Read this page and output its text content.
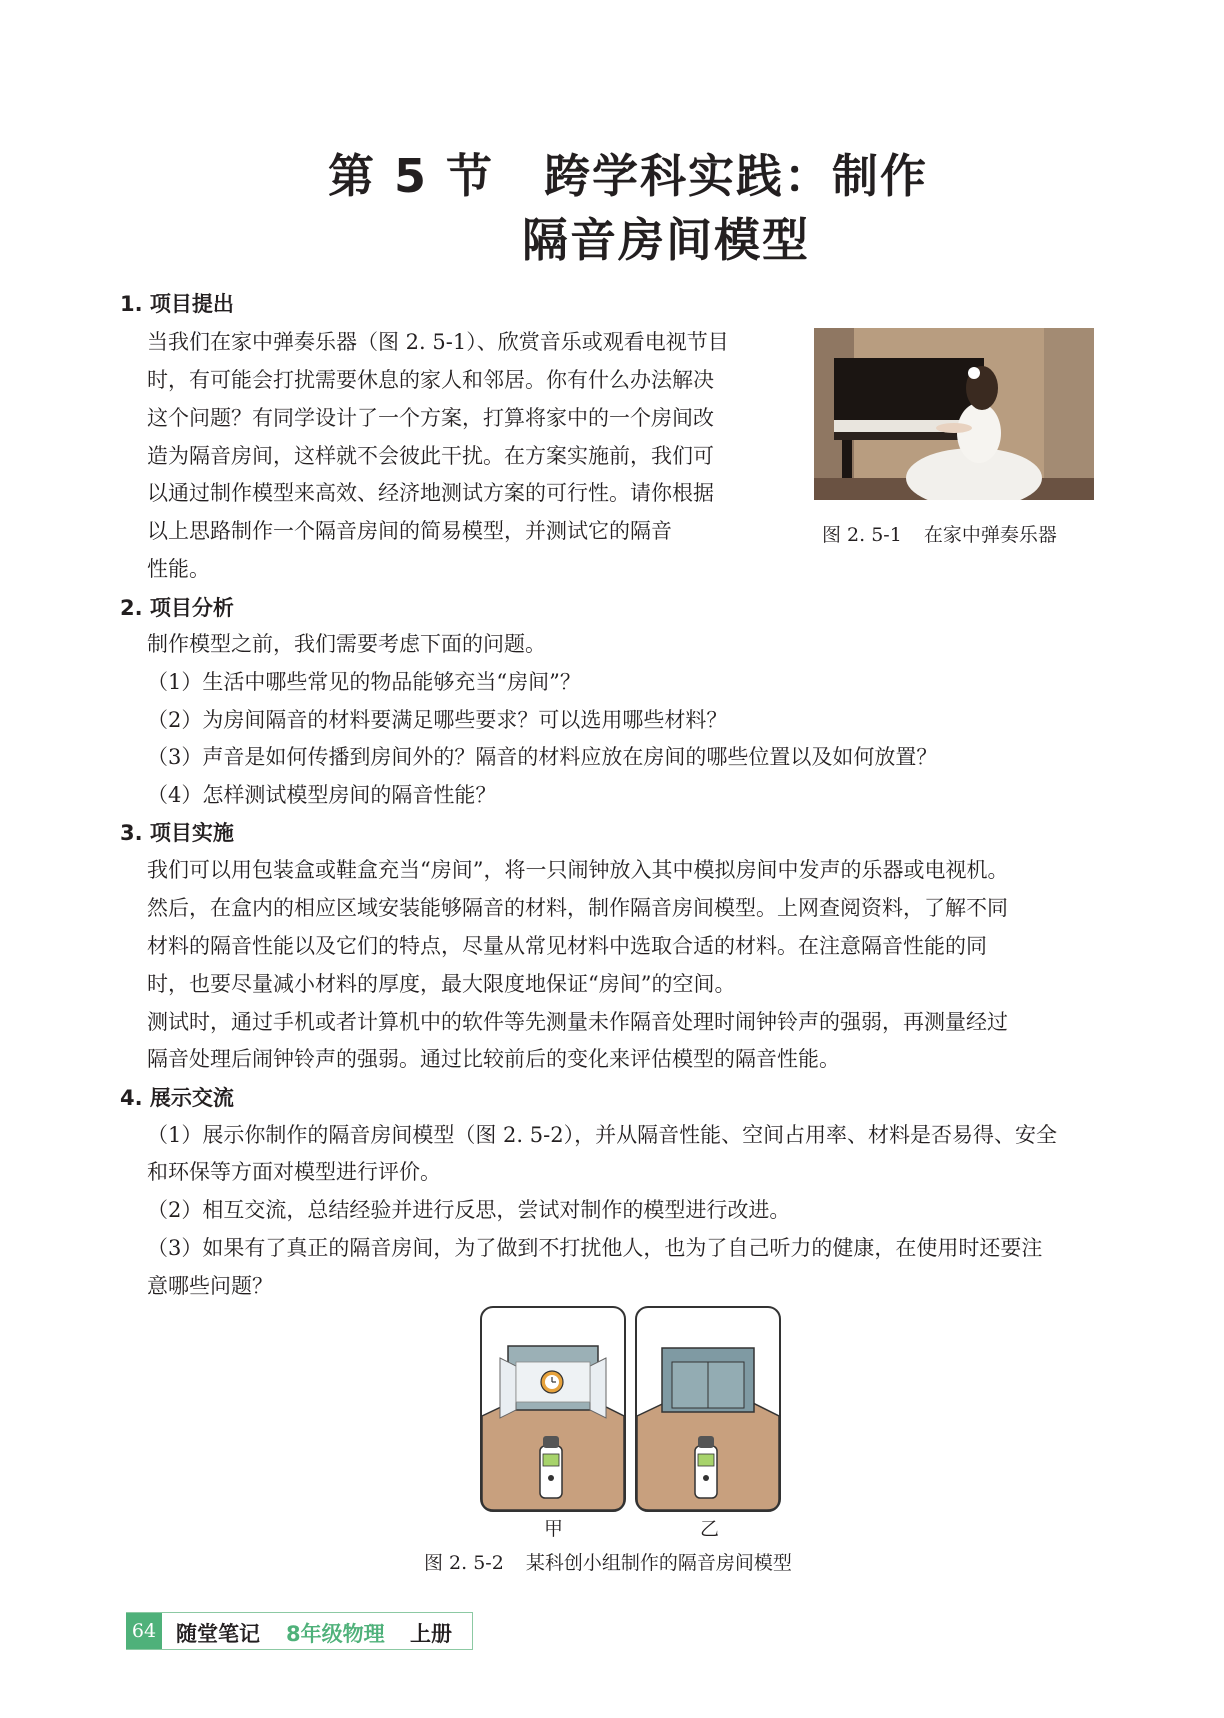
第 5 节 跨学科实践：制作
隔音房间模型
1. 项目提出
当我们在家中弹奏乐器（图 2. 5-1）、欣赏音乐或观看电视节目
时，有可能会打扰需要休息的家人和邻居。你有什么办法解决
这个问题？有同学设计了一个方案，打算将家中的一个房间改
造为隔音房间，这样就不会彼此干扰。在方案实施前，我们可
以通过制作模型来高效、经济地测试方案的可行性。请你根据
以上思路制作一个隔音房间的简易模型，并测试它的隔音
性能。
图 2. 5-1 在家中弹奏乐器
2. 项目分析
制作模型之前，我们需要考虑下面的问题。
（1）生活中哪些常见的物品能够充当“房间”？
（2）为房间隔音的材料要满足哪些要求？可以选用哪些材料？
（3）声音是如何传播到房间外的？隔音的材料应放在房间的哪些位置以及如何放置？
（4）怎样测试模型房间的隔音性能？
3. 项目实施
我们可以用包装盒或鞋盒充当“房间”，将一只闹钟放入其中模拟房间中发声的乐器或电视机。
然后，在盒内的相应区域安装能够隔音的材料，制作隔音房间模型。上网查阅资料，了解不同
材料的隔音性能以及它们的特点，尽量从常见材料中选取合适的材料。在注意隔音性能的同
时，也要尽量减小材料的厚度，最大限度地保证“房间”的空间。
测试时，通过手机或者计算机中的软件等先测量未作隔音处理时闹钟铃声的强弱，再测量经过
隔音处理后闹钟铃声的强弱。通过比较前后的变化来评估模型的隔音性能。
4. 展示交流
（1）展示你制作的隔音房间模型（图 2. 5-2），并从隔音性能、空间占用率、材料是否易得、安全
和环保等方面对模型进行评价。
（2）相互交流，总结经验并进行反思，尝试对制作的模型进行改进。
（3）如果有了真正的隔音房间，为了做到不打扰他人，也为了自己听力的健康，在使用时还要注
意哪些问题？
甲	乙
图 2. 5-2 某科创小组制作的隔音房间模型
64 随堂笔记 8年级物理 上册
